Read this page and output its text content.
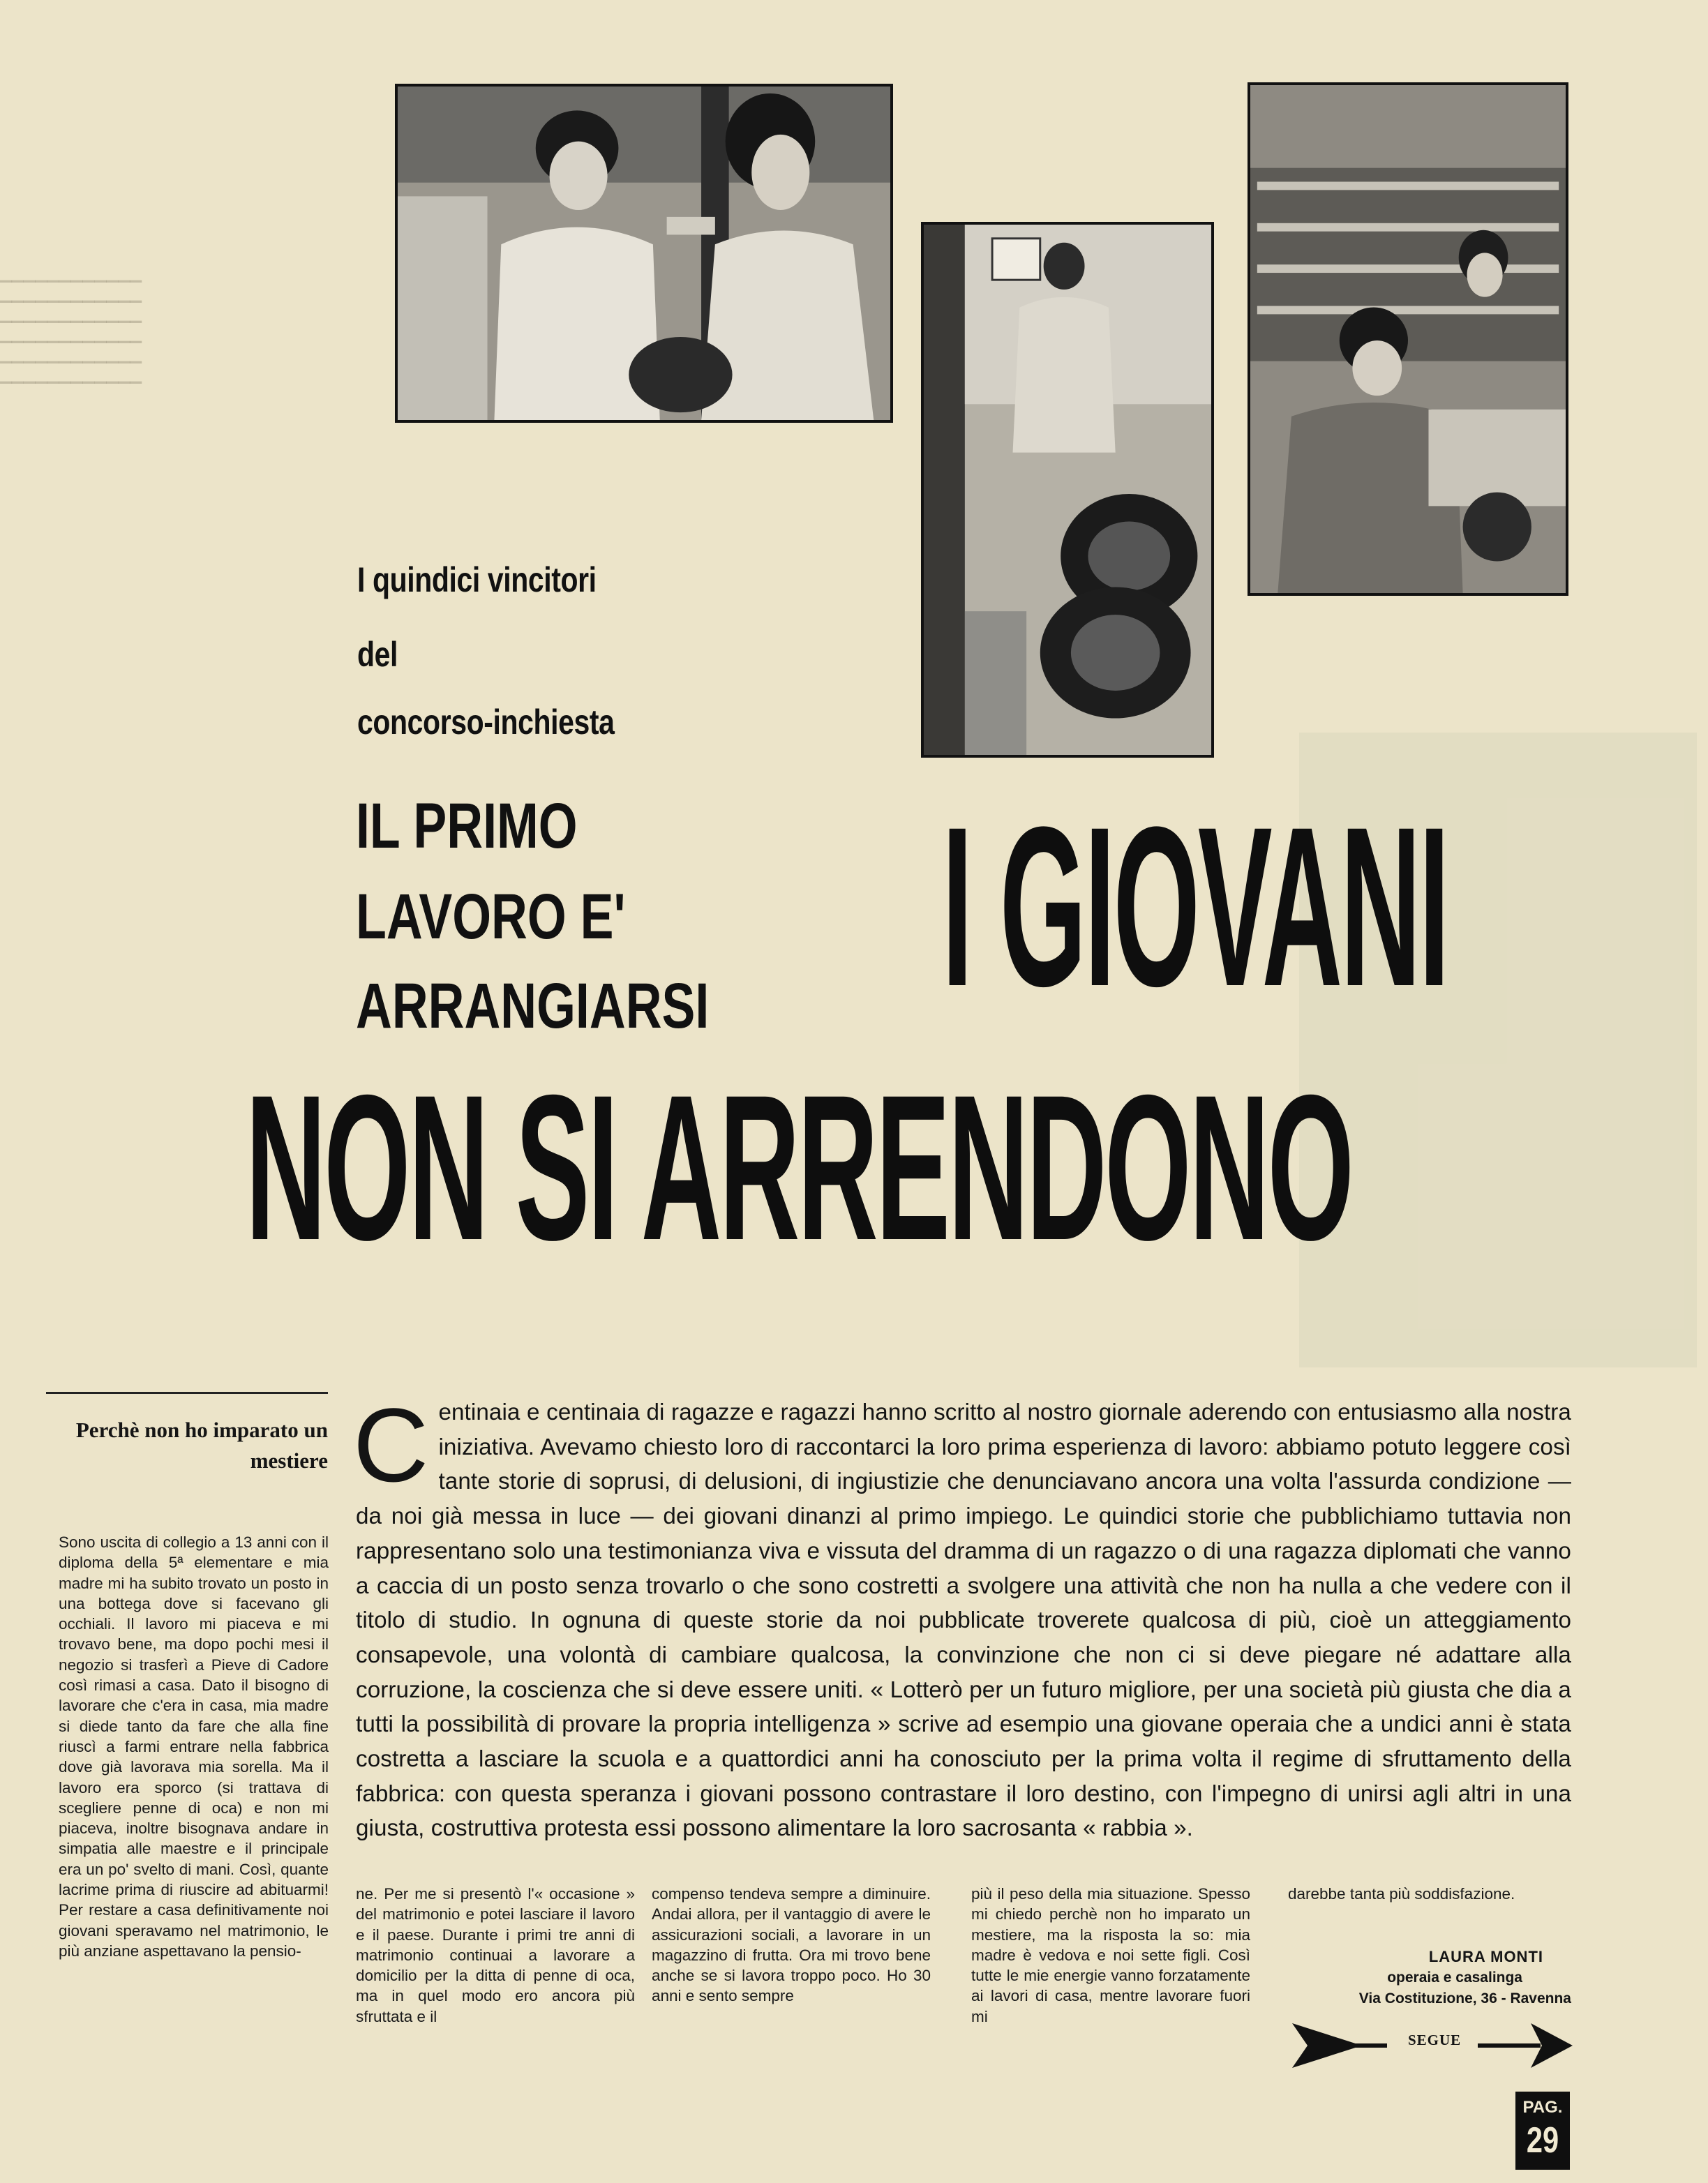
▔▔▔▔▔▔▔▔▔▔▔▔
▔▔▔▔▔▔▔▔▔▔▔▔
▔▔▔▔▔▔▔▔▔▔▔▔
▔▔▔▔▔▔▔▔▔▔▔▔
▔▔▔▔▔▔▔▔▔▔▔▔
▔▔▔▔▔▔▔▔▔▔▔▔
I quindici vincitori
del
concorso-inchiesta
IL PRIMO
LAVORO E'
ARRANGIARSI I GIOVANI
NON SI ARRENDONO
Perchè non ho imparato un mestiere
Sono uscita di collegio a 13 anni con il diploma della 5ª elementare e mia madre mi ha subito trovato un posto in una bottega dove si facevano gli occhiali. Il lavoro mi piaceva e mi trovavo bene, ma dopo pochi mesi il negozio si trasferì a Pieve di Cadore così rimasi a casa. Dato il bisogno di lavorare che c'era in casa, mia madre si diede tanto da fare che alla fine riuscì a farmi entrare nella fabbrica dove già lavorava mia sorella. Ma il lavoro era sporco (si trattava di scegliere penne di oca) e non mi piaceva, inoltre bisognava andare in simpatia alle maestre e il principale era un po' svelto di mani. Così, quante lacrime prima di riuscire ad abituarmi! Per restare a casa definitivamente noi giovani speravamo nel matrimonio, le più anziane aspettavano la pensio-
Centinaia e centinaia di ragazze e ragazzi hanno scritto al nostro giornale aderendo con entusiasmo alla nostra iniziativa. Avevamo chiesto loro di raccontarci la loro prima esperienza di lavoro: abbiamo potuto leggere così tante storie di soprusi, di delusioni, di ingiustizie che denunciavano ancora una volta l'assurda condizione — da noi già messa in luce — dei giovani dinanzi al primo impiego. Le quindici storie che pubblichiamo tuttavia non rappresentano solo una testimonianza viva e vissuta del dramma di un ragazzo o di una ragazza diplomati che vanno a caccia di un posto senza trovarlo o che sono costretti a svolgere una attività che non ha nulla a che vedere con il titolo di studio. In ognuna di queste storie da noi pubblicate troverete qualcosa di più, cioè un atteggiamento consapevole, una volontà di cambiare qualcosa, la convinzione che non ci si deve piegare né adattare alla corruzione, la coscienza che si deve essere uniti. « Lotterò per un futuro migliore, per una società più giusta che dia a tutti la possibilità di provare la propria intelligenza » scrive ad esempio una giovane operaia che a undici anni è stata costretta a lasciare la scuola e a quattordici anni ha conosciuto per la prima volta il regime di sfruttamento della fabbrica: con questa speranza i giovani possono contrastare il loro destino, con l'impegno di unirsi agli altri in una giusta, costruttiva protesta essi possono alimentare la loro sacrosanta « rabbia ».
ne. Per me si presentò l'« occasione » del matrimonio e potei lasciare il lavoro e il paese. Durante i primi tre anni di matrimonio continuai a lavorare a domicilio per la ditta di penne di oca, ma in quel modo ero ancora più sfruttata e il
compenso tendeva sempre a diminuire. Andai allora, per il vantaggio di avere le assicurazioni sociali, a lavorare in un magazzino di frutta. Ora mi trovo bene anche se si lavora troppo poco. Ho 30 anni e sento sempre
più il peso della mia situazione. Spesso mi chiedo perchè non ho imparato un mestiere, ma la risposta la so: mia madre è vedova e noi sette figli. Così tutte le mie energie vanno forzatamente ai lavori di casa, mentre lavorare fuori mi
darebbe tanta più soddisfazione.
LAURA MONTI
operaia e casalinga
Via Costituzione, 36 - Ravenna
SEGUE
PAG.
29
